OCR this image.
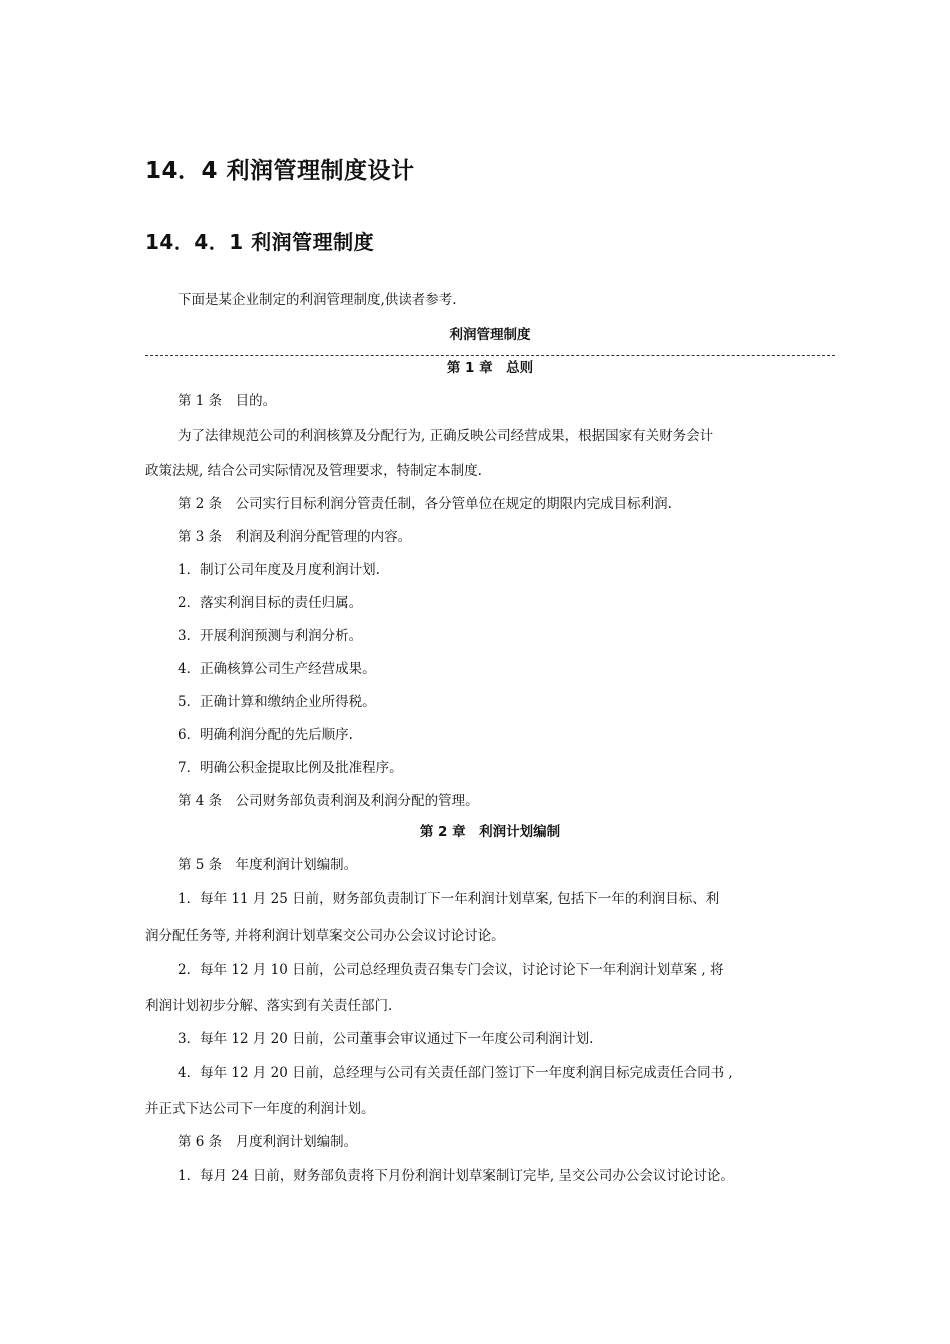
14．4 利润管理制度设计
14．4．1 利润管理制度
下面是某企业制定的利润管理制度,供读者参考.
利润管理制度
第 1 章　总则
第 1 条　目的。
为了法律规范公司的利润核算及分配行为, 正确反映公司经营成果，根据国家有关财务会计
政策法规, 结合公司实际情况及管理要求，特制定本制度.
第 2 条　公司实行目标利润分管责任制，各分管单位在规定的期限内完成目标利润.
第 3 条　利润及利润分配管理的内容。
1．制订公司年度及月度利润计划.
2．落实利润目标的责任归属。
3．开展利润预测与利润分析。
4．正确核算公司生产经营成果。
5．正确计算和缴纳企业所得税。
6．明确利润分配的先后顺序.
7．明确公积金提取比例及批准程序。
第 4 条　公司财务部负责利润及利润分配的管理。
第 2 章　利润计划编制
第 5 条　年度利润计划编制。
1．每年 11 月 25 日前，财务部负责制订下一年利润计划草案, 包括下一年的利润目标、利
润分配任务等, 并将利润计划草案交公司办公会议讨论讨论。
2．每年 12 月 10 日前，公司总经理负责召集专门会议，讨论讨论下一年利润计划草案 , 将
利润计划初步分解、落实到有关责任部门.
3．每年 12 月 20 日前，公司董事会审议通过下一年度公司利润计划.
4．每年 12 月 20 日前，总经理与公司有关责任部门签订下一年度利润目标完成责任合同书 ,
并正式下达公司下一年度的利润计划。
第 6 条　月度利润计划编制。
1．每月 24 日前，财务部负责将下月份利润计划草案制订完毕, 呈交公司办公会议讨论讨论。
